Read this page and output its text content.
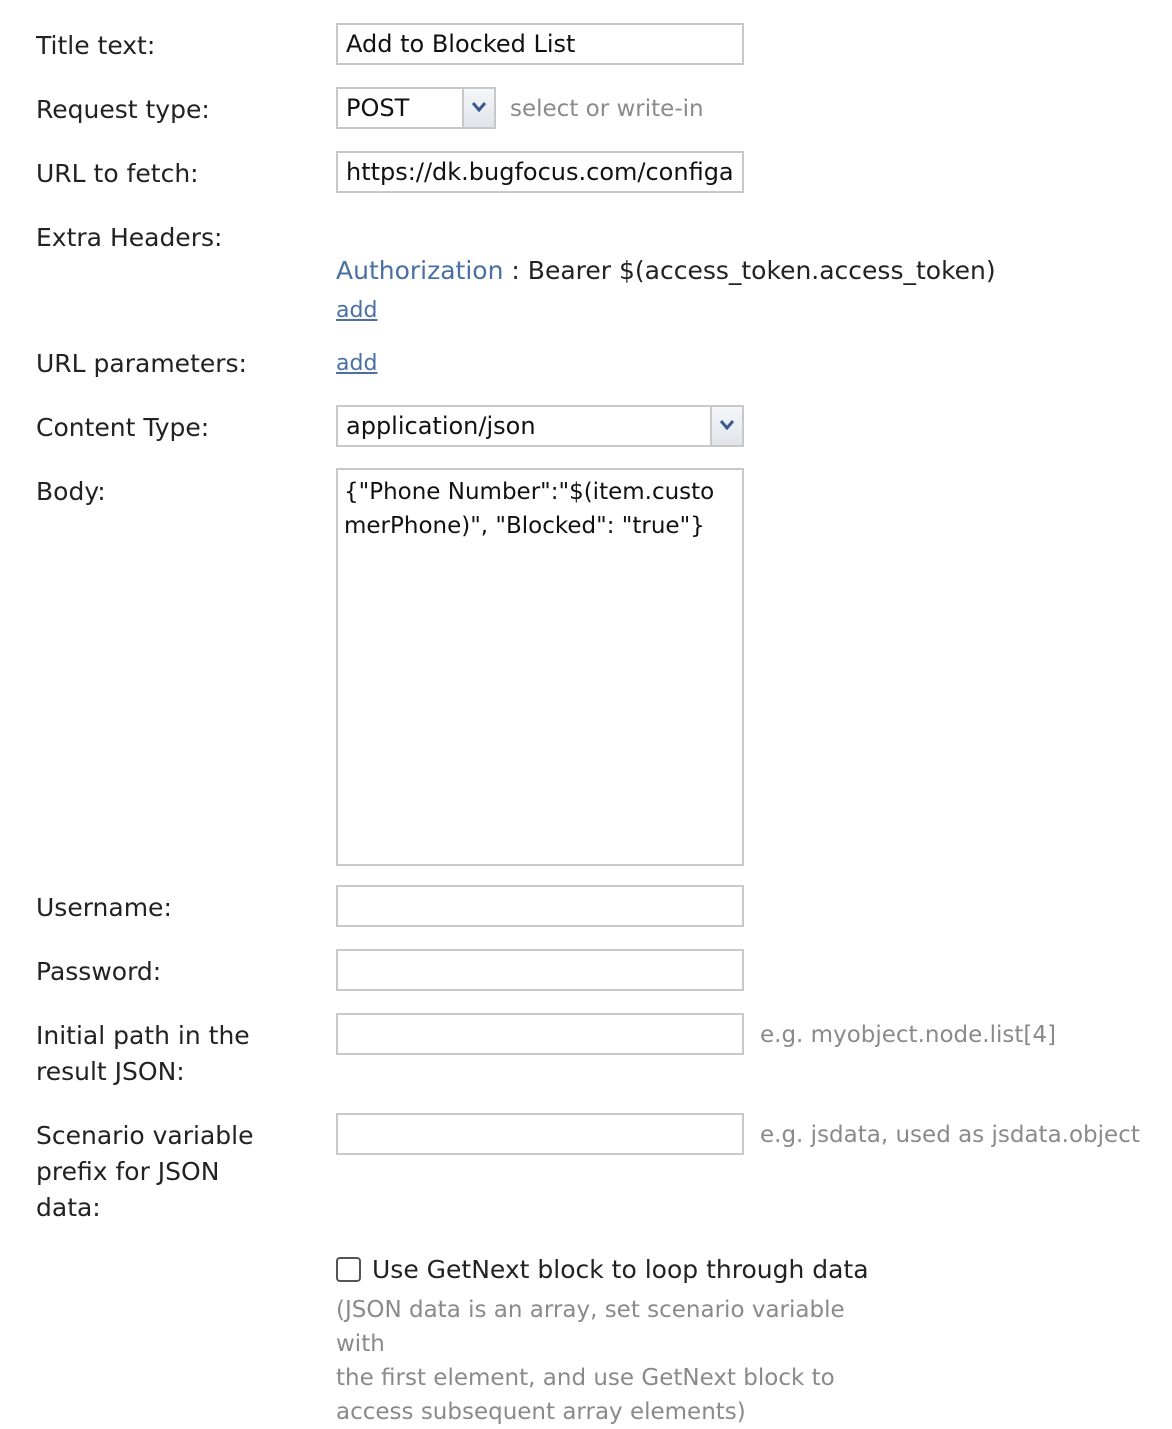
Title text:
Add to Blocked List
Request type:	POST	select or write-in
URL to fetch:
https://dk.bugfocus.com/configapi
Extra Headers:
Authorization : Bearer $(access_token.access_token)
add
URL parameters:	add
Content Type:	application/json
Body:
{"Phone Number":"$(item.customerPhone)", "Blocked": "true"}
Username:
Password:
Initial path in the
result JSON:
e.g. myobject.node.list[4]
Scenario variable
prefix for JSON
data:
e.g. jsdata, used as jsdata.object
Use GetNext block to loop through data
(JSON data is an array, set scenario variable with
the first element, and use GetNext block to
access subsequent array elements)
